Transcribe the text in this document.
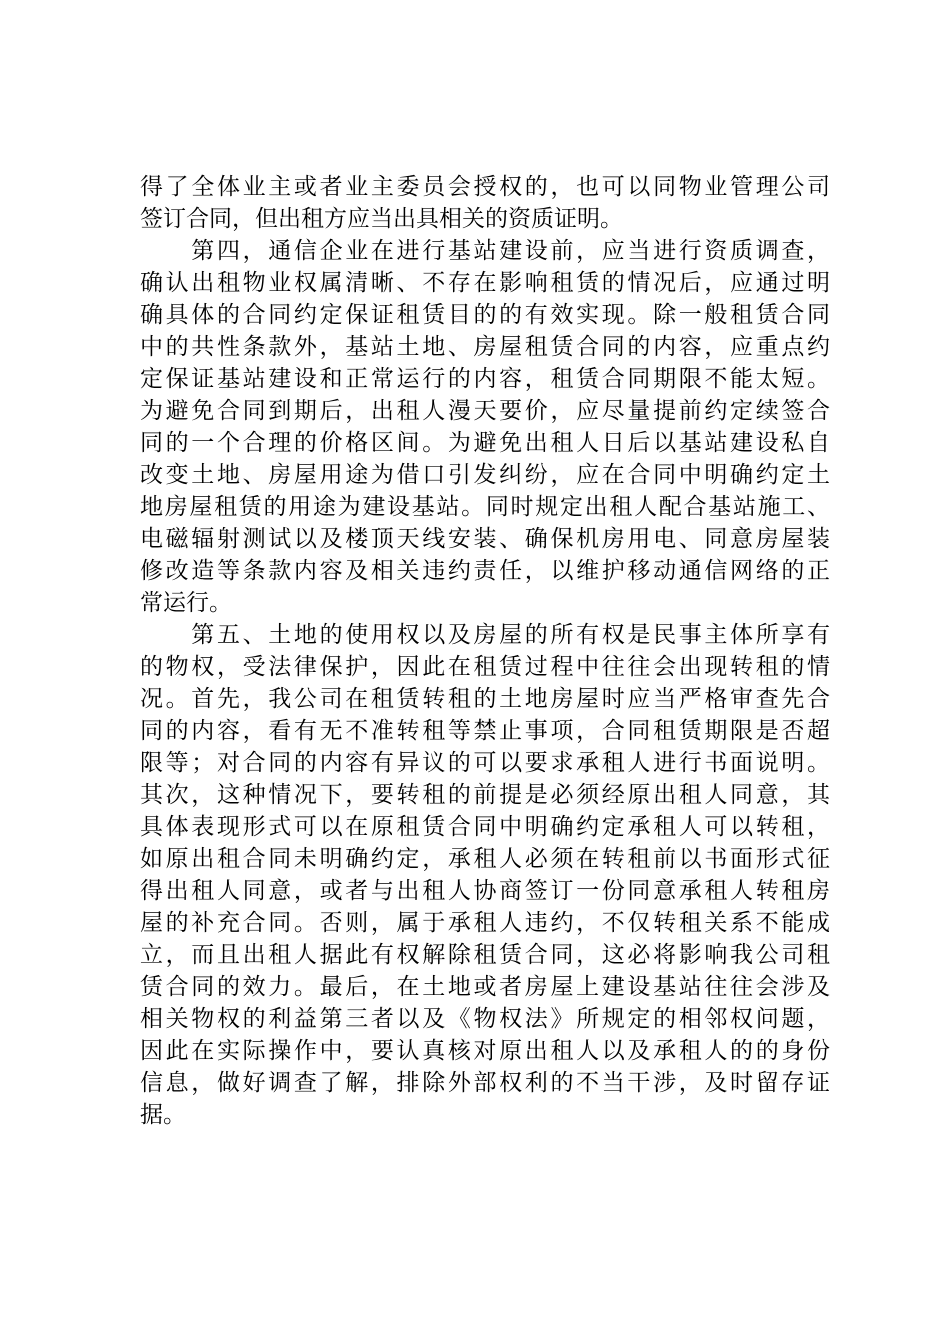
得了全体业主或者业主委员会授权的，也可以同物业管理公司
签订合同，但出租方应当出具相关的资质证明。
　　第四，通信企业在进行基站建设前，应当进行资质调查，
确认出租物业权属清晰、不存在影响租赁的情况后，应通过明
确具体的合同约定保证租赁目的的有效实现。除一般租赁合同
中的共性条款外，基站土地、房屋租赁合同的内容，应重点约
定保证基站建设和正常运行的内容，租赁合同期限不能太短。
为避免合同到期后，出租人漫天要价，应尽量提前约定续签合
同的一个合理的价格区间。为避免出租人日后以基站建设私自
改变土地、房屋用途为借口引发纠纷，应在合同中明确约定土
地房屋租赁的用途为建设基站。同时规定出租人配合基站施工、
电磁辐射测试以及楼顶天线安装、确保机房用电、同意房屋装
修改造等条款内容及相关违约责任，以维护移动通信网络的正
常运行。
　　第五、土地的使用权以及房屋的所有权是民事主体所享有
的物权，受法律保护，因此在租赁过程中往往会出现转租的情
况。首先，我公司在租赁转租的土地房屋时应当严格审查先合
同的内容，看有无不准转租等禁止事项，合同租赁期限是否超
限等；对合同的内容有异议的可以要求承租人进行书面说明。
其次，这种情况下，要转租的前提是必须经原出租人同意，其
具体表现形式可以在原租赁合同中明确约定承租人可以转租，
如原出租合同未明确约定，承租人必须在转租前以书面形式征
得出租人同意，或者与出租人协商签订一份同意承租人转租房
屋的补充合同。否则，属于承租人违约，不仅转租关系不能成
立，而且出租人据此有权解除租赁合同，这必将影响我公司租
赁合同的效力。最后，在土地或者房屋上建设基站往往会涉及
相关物权的利益第三者以及《物权法》所规定的相邻权问题，
因此在实际操作中，要认真核对原出租人以及承租人的的身份
信息，做好调查了解，排除外部权利的不当干涉，及时留存证
据。
